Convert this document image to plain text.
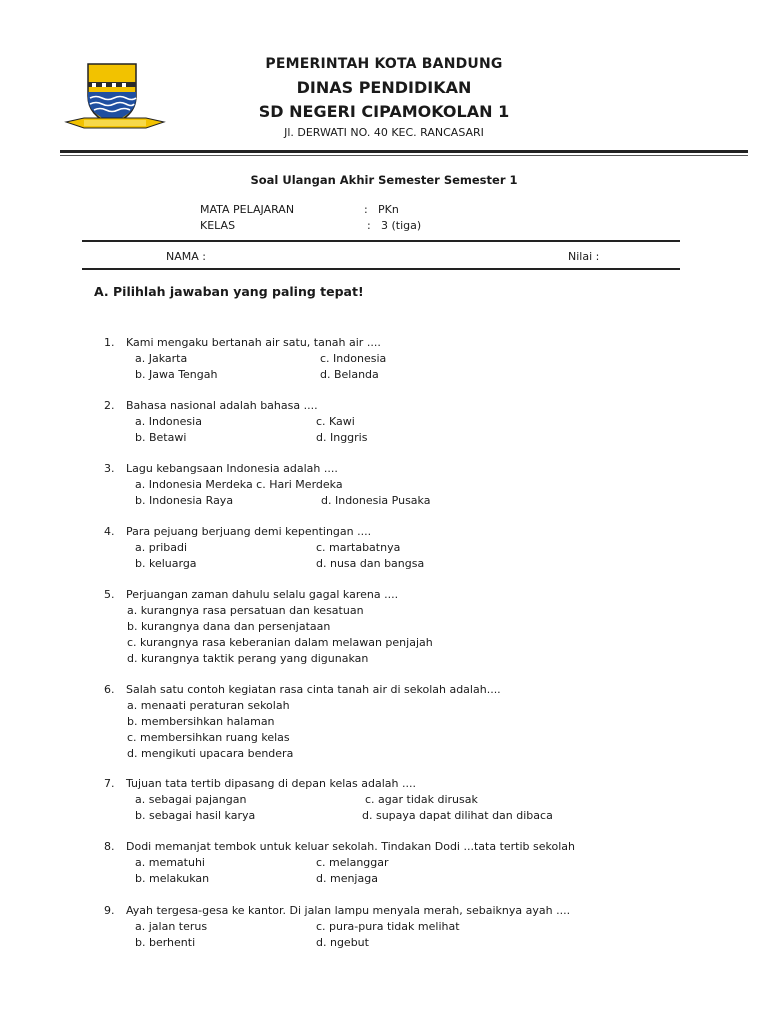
PEMERINTAH KOTA BANDUNG
DINAS PENDIDIKAN
SD NEGERI CIPAMOKOLAN 1
Jl. DERWATI NO. 40 KEC. RANCASARI
Soal Ulangan Akhir Semester Semester 1
MATA PELAJARAN	: PKn
KELAS	: 3 (tiga)
NAMA :	Nilai :
A. Pilihlah jawaban yang paling tepat!
1. Kami mengaku bertanah air satu, tanah air ....
a. Jakarta	c. Indonesia
b. Jawa Tengah	d. Belanda
2. Bahasa nasional adalah bahasa ....
a. Indonesia	c. Kawi
b. Betawi	d. Inggris
3. Lagu kebangsaan Indonesia adalah ....
a. Indonesia Merdeka c. Hari Merdeka
b. Indonesia Raya	d. Indonesia Pusaka
4. Para pejuang berjuang demi kepentingan ....
a. pribadi	c. martabatnya
b. keluarga	d. nusa dan bangsa
5. Perjuangan zaman dahulu selalu gagal karena ....
a. kurangnya rasa persatuan dan kesatuan
b. kurangnya dana dan persenjataan
c. kurangnya rasa keberanian dalam melawan penjajah
d. kurangnya taktik perang yang digunakan
6. Salah satu contoh kegiatan rasa cinta tanah air di sekolah adalah....
a. menaati peraturan sekolah
b. membersihkan halaman
c. membersihkan ruang kelas
d. mengikuti upacara bendera
7. Tujuan tata tertib dipasang di depan kelas adalah ....
a. sebagai pajangan	c. agar tidak dirusak
b. sebagai hasil karya	d. supaya dapat dilihat dan dibaca
8. Dodi memanjat tembok untuk keluar sekolah. Tindakan Dodi ...tata tertib sekolah
a. mematuhi	c. melanggar
b. melakukan	d. menjaga
9. Ayah tergesa-gesa ke kantor. Di jalan lampu menyala merah, sebaiknya ayah ....
a. jalan terus	c. pura-pura tidak melihat
b. berhenti	d. ngebut
